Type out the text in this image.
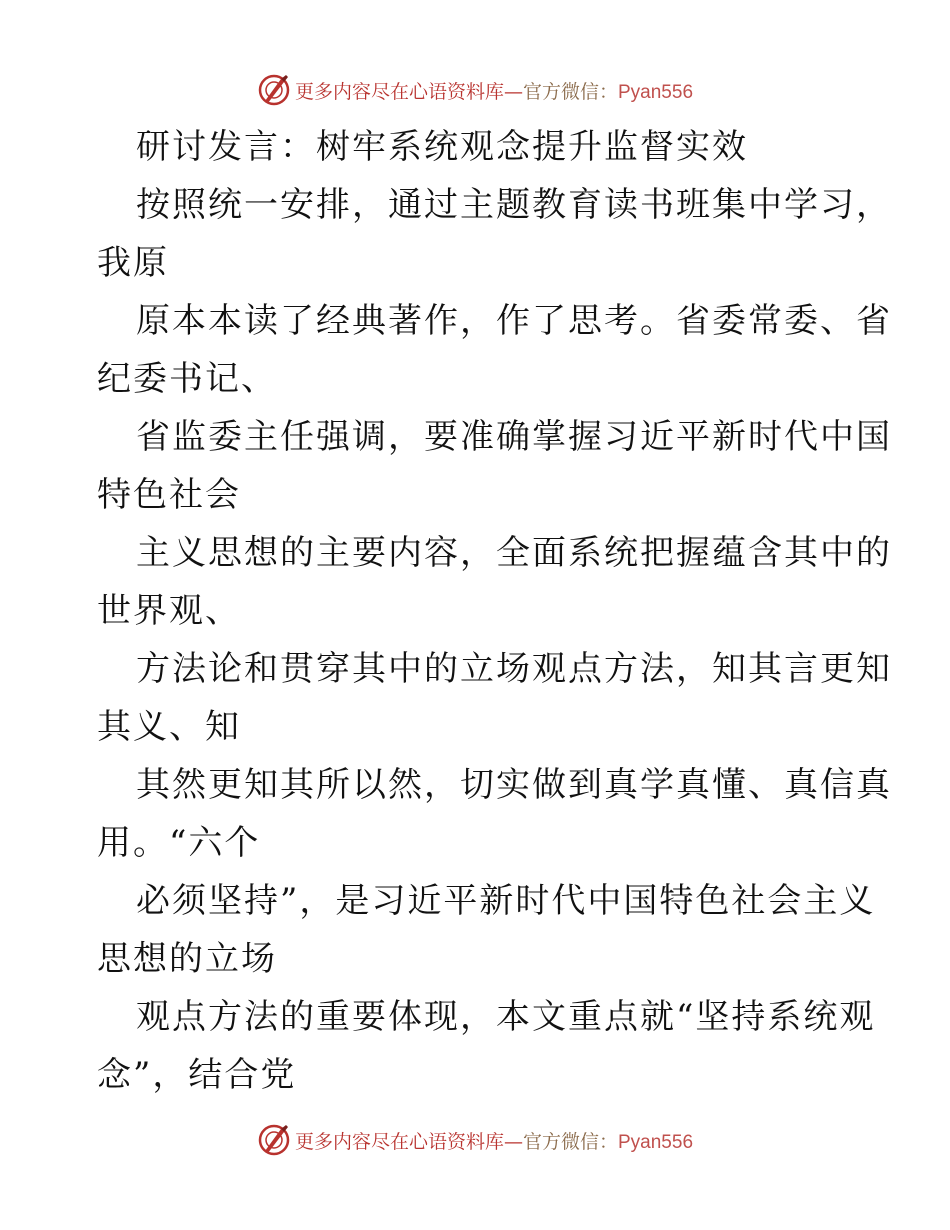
更多内容尽在心语资料库—官方微信：Pyan556
研讨发言：树牢系统观念提升监督实效
按照统一安排，通过主题教育读书班集中学习，
我原
原本本读了经典著作，作了思考。省委常委、省
纪委书记、
省监委主任强调，要准确掌握习近平新时代中国
特色社会
主义思想的主要内容，全面系统把握蕴含其中的
世界观、
方法论和贯穿其中的立场观点方法，知其言更知
其义、知
其然更知其所以然，切实做到真学真懂、真信真
用。“六个
必须坚持”，是习近平新时代中国特色社会主义
思想的立场
观点方法的重要体现，本文重点就“坚持系统观
念”，结合党
更多内容尽在心语资料库—官方微信：Pyan556
